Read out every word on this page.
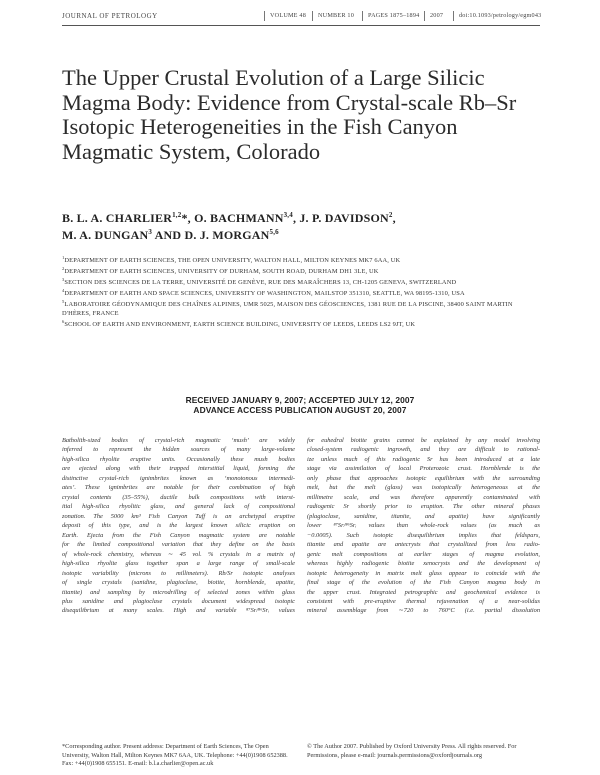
JOURNAL OF PETROLOGY	VOLUME 48 NUMBER 10 PAGES 1875–1894 2007	doi:10.1093/petrology/egm043
The Upper Crustal Evolution of a Large Silicic Magma Body: Evidence from Crystal-scale Rb–Sr Isotopic Heterogeneities in the Fish Canyon Magmatic System, Colorado

B. L. A. CHARLIER$^{1,2}$*, O. BACHMANN$^{3,4}$, J. P. DAVIDSON$^2$,
M. A. DUNGAN$^3$ AND D. J. MORGAN$^{5,6}$

$^1$DEPARTMENT OF EARTH SCIENCES, THE OPEN UNIVERSITY, WALTON HALL, MILTON KEYNES MK7 6AA, UK

$^2$DEPARTMENT OF EARTH SCIENCES, UNIVERSITY OF DURHAM, SOUTH ROAD, DURHAM DH1 3LE, UK

$^3$SECTION DES SCIENCES DE LA TERRE, UNIVERSITÉ DE GENÈVE, RUE DES MARAÎCHERS 13, CH-1205 GENEVA, SWITZERLAND

$^4$DEPARTMENT OF EARTH AND SPACE SCIENCES, UNIVERSITY OF WASHINGTON, MAILSTOP 351310, SEATTLE, WA 98195-1310, USA

$^5$LABORATOIRE GÉODYNAMIQUE DES CHAÎNES ALPINES, UMR 5025, MAISON DES GÉOSCIENCES, 1381 RUE DE LA PISCINE, 38400 SAINT MARTIN D'HÈRES, FRANCE

$^6$SCHOOL OF EARTH AND ENVIRONMENT, EARTH SCIENCE BUILDING, UNIVERSITY OF LEEDS, LEEDS LS2 9JT, UK

RECEIVED JANUARY 9, 2007; ACCEPTED JULY 12, 2007
ADVANCE ACCESS PUBLICATION AUGUST 20, 2007
Batholith-sized bodies of crystal-rich magmatic ‘mush’ are widely
inferred to represent the hidden sources of many large-volume
high-silica rhyolite eruptive units. Occasionally these mush bodies
are ejected along with their trapped interstitial liquid, forming the
distinctive crystal-rich ignimbrites known as ‘monotonous intermedi-
ates’. These ignimbrites are notable for their combination of high
crystal contents (35–55%), ductile bulk compositions with interst-
itial high-silica rhyolitic glass, and general lack of compositional
zonation. The 5000 km³ Fish Canyon Tuff is an archetypal eruptive
deposit of this type, and is the largest known silicic eruption on
Earth. Ejecta from the Fish Canyon magmatic system are notable
for the limited compositional variation that they define on the basis
of whole-rock chemistry, whereas ∼ 45 vol. % crystals in a matrix of
high-silica rhyolite glass together span a large range of small-scale
isotopic variability (microns to millimeters). Rb/Sr isotopic analyses
of single crystals (sanidine, plagioclase, biotite, hornblende, apatite,
titanite) and sampling by microdrilling of selected zones within glass
plus sanidine and plagioclase crystals document widespread isotopic
disequilibrium at many scales. High and variable ⁸⁷Sr/⁸⁶Srᵢ values
for euhedral biotite grains cannot be explained by any model involving
closed-system radiogenic ingrowth, and they are difficult to rational-
ize unless much of this radiogenic Sr has been introduced at a late
stage via assimilation of local Proterozoic crust. Hornblende is the
only phase that approaches isotopic equilibrium with the surrounding
melt, but the melt (glass) was isotopically heterogeneous at the
millimetre scale, and was therefore apparently contaminated with
radiogenic Sr shortly prior to eruption. The other mineral phases
(plagioclase, sanidine, titanite, and apatite) have significantly
lower ⁸⁷Sr/⁸⁶Srᵢ values than whole-rock values (as much as
−0.0005). Such isotopic disequilibrium implies that feldspars,
titanite and apatite are antecrysts that crystallized from less radio-
genic melt compositions at earlier stages of magma evolution,
whereas highly radiogenic biotite xenocrysts and the development of
isotopic heterogeneity in matrix melt glass appear to coincide with the
final stage of the evolution of the Fish Canyon magma body in
the upper crust. Integrated petrographic and geochemical evidence is
consistent with pre-eruptive thermal rejuvenation of a near-solidus
mineral assemblage from ∼720 to 760°C (i.e. partial dissolution
*Corresponding author. Present address: Department of Earth Sciences, The Open University, Walton Hall, Milton Keynes MK7 6AA, UK. Telephone: +44(0)1908 652388. Fax: +44(0)1908 655151. E-mail: b.l.a.charlier@open.ac.uk
© The Author 2007. Published by Oxford University Press. All rights reserved. For Permissions, please e-mail: journals.permissions@oxfordjournals.org
